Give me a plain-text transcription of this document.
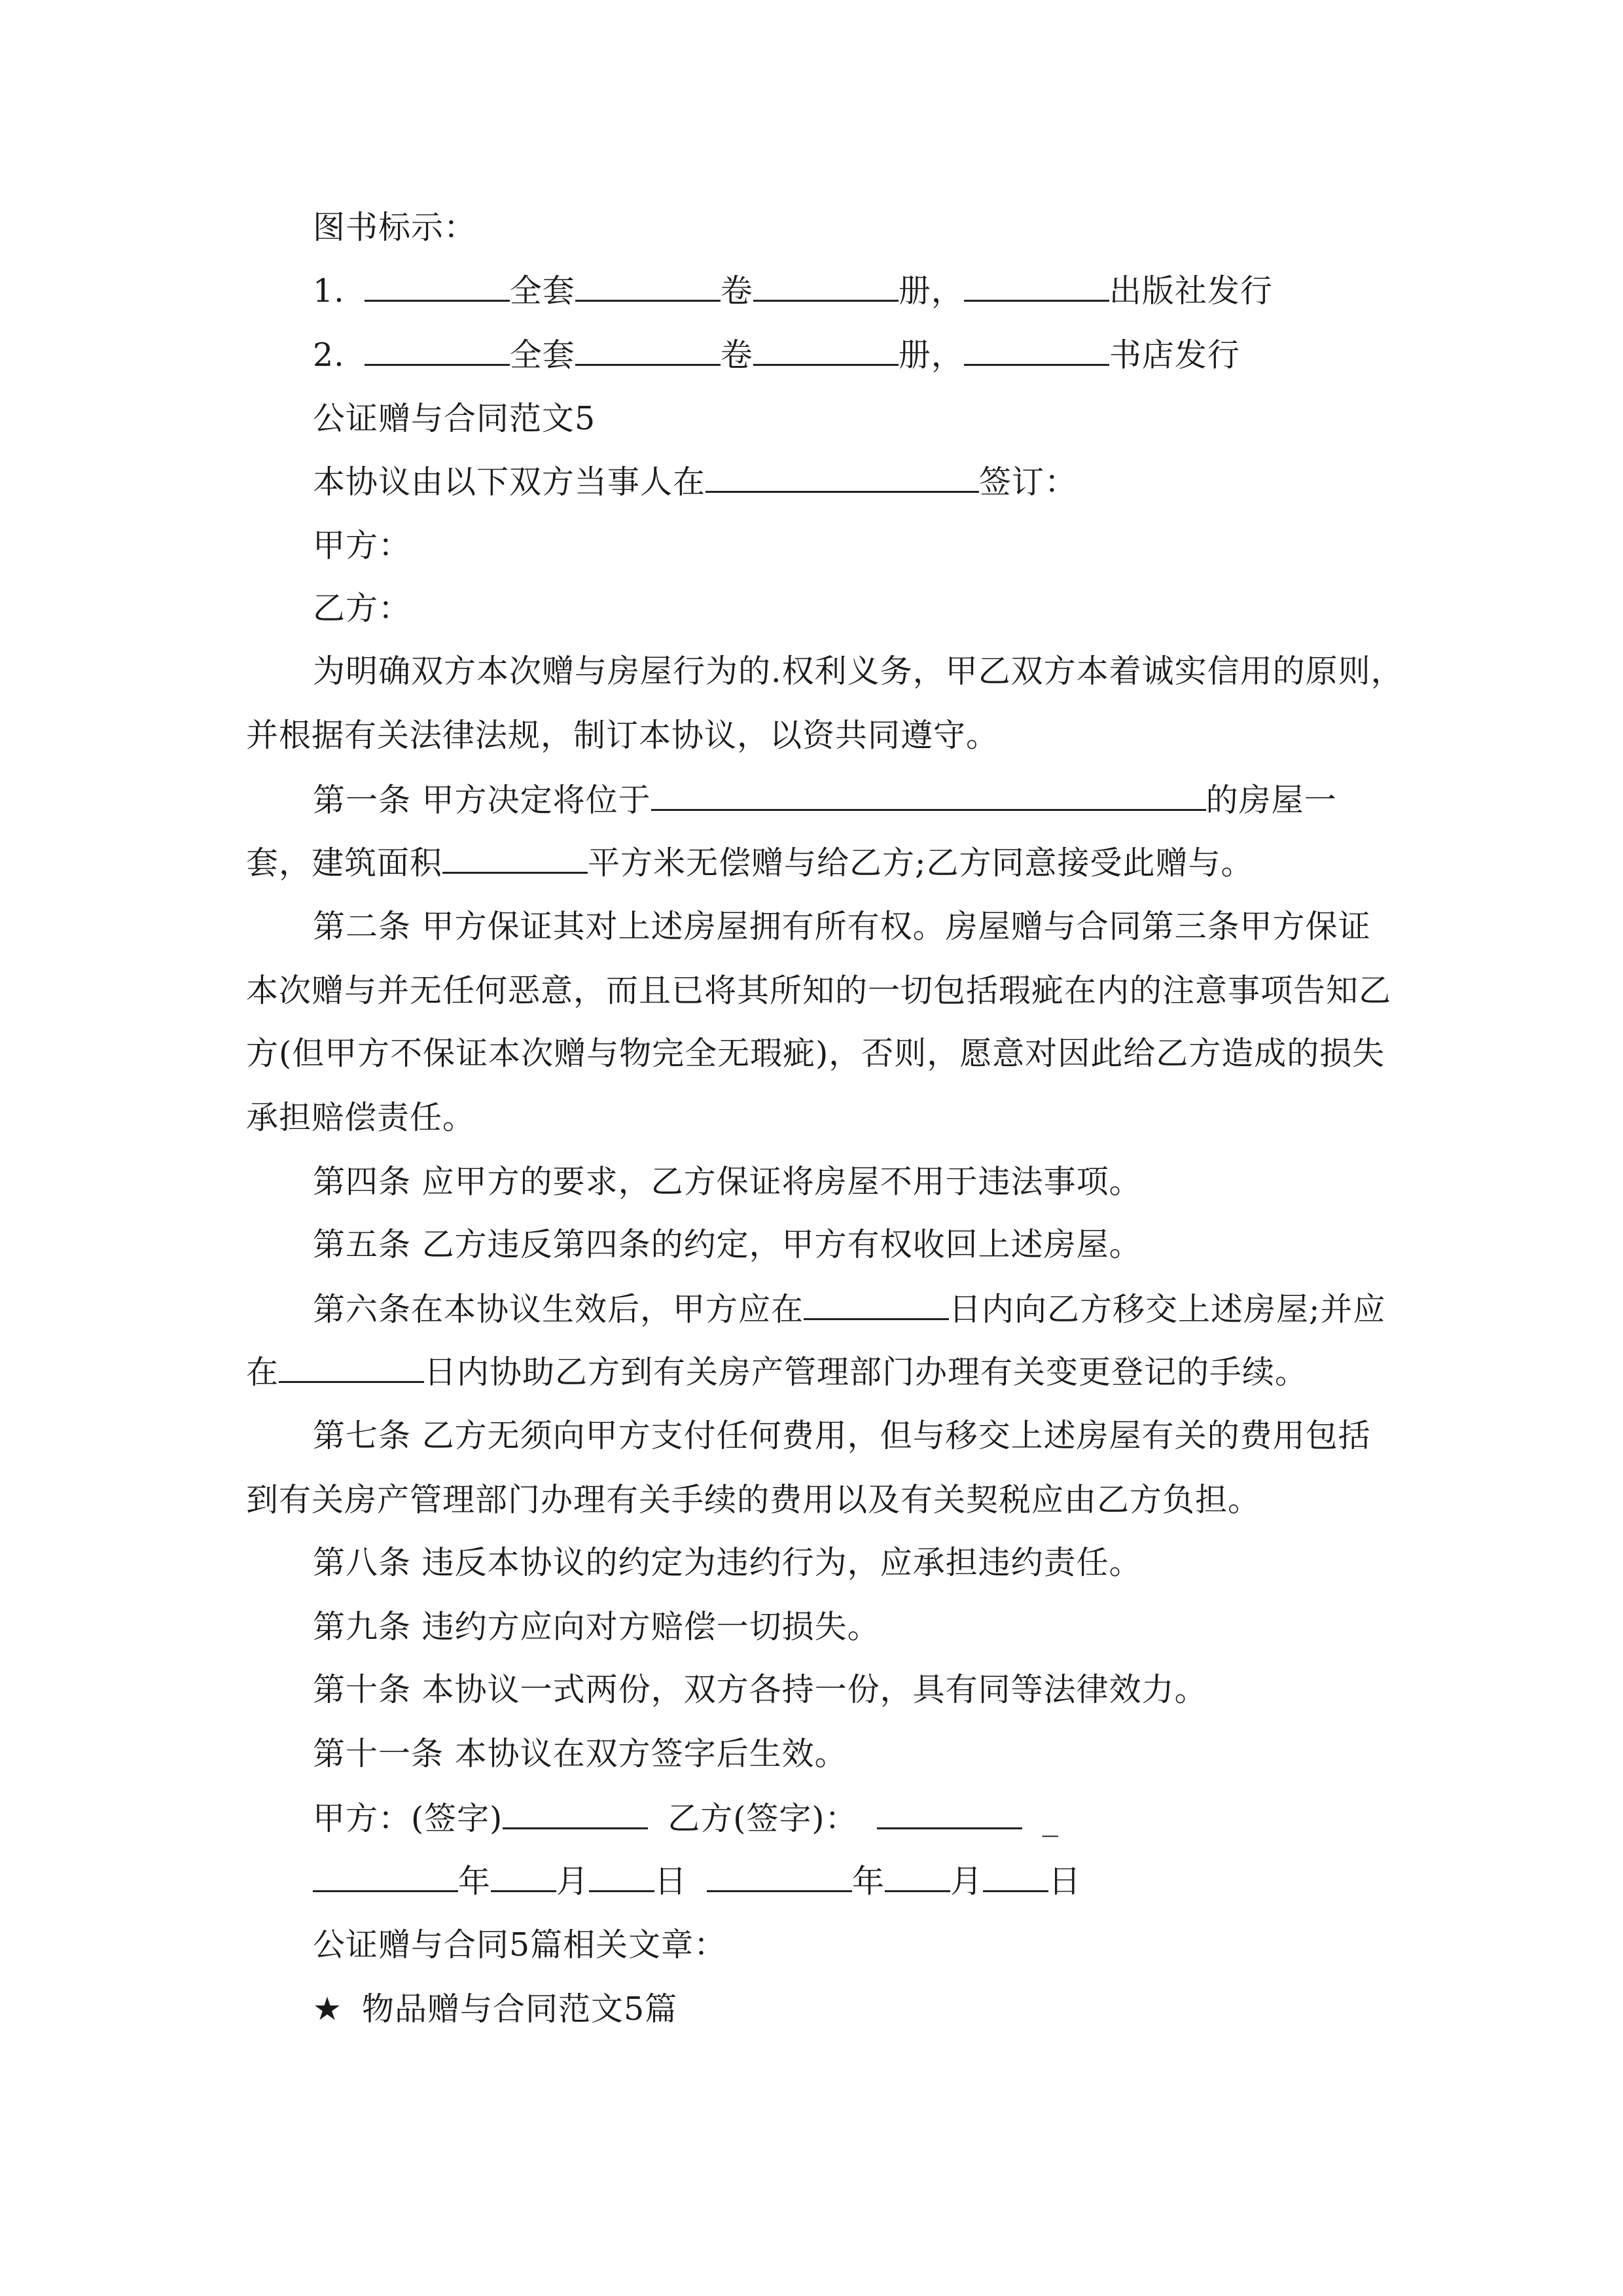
图书标示：
1.	全套	卷	册，	出版社发行
2.	全套	卷	册，	书店发行
公证赠与合同范文5
本协议由以下双方当事人在	签订：
甲方：
乙方：
为明确双方本次赠与房屋行为的.权利义务，甲乙双方本着诚实信用的原则，
并根据有关法律法规，制订本协议，以资共同遵守。
第一条 甲方决定将位于	的房屋一
套，建筑面积	平方米无偿赠与给乙方;乙方同意接受此赠与。
第二条 甲方保证其对上述房屋拥有所有权。房屋赠与合同第三条甲方保证
本次赠与并无任何恶意，而且已将其所知的一切包括瑕疵在内的注意事项告知乙
方(但甲方不保证本次赠与物完全无瑕疵)，否则，愿意对因此给乙方造成的损失
承担赔偿责任。
第四条 应甲方的要求，乙方保证将房屋不用于违法事项。
第五条 乙方违反第四条的约定，甲方有权收回上述房屋。
第六条在本协议生效后，甲方应在	日内向乙方移交上述房屋;并应
在	日内协助乙方到有关房产管理部门办理有关变更登记的手续。
第七条 乙方无须向甲方支付任何费用，但与移交上述房屋有关的费用包括
到有关房产管理部门办理有关手续的费用以及有关契税应由乙方负担。
第八条 违反本协议的约定为违约行为，应承担违约责任。
第九条 违约方应向对方赔偿一切损失。
第十条 本协议一式两份，双方各持一份，具有同等法律效力。
第十一条 本协议在双方签字后生效。
甲方：(签字)	乙方(签字)：	_
年 月 日	年 月 日
公证赠与合同5篇相关文章：
★ 物品赠与合同范文5篇
